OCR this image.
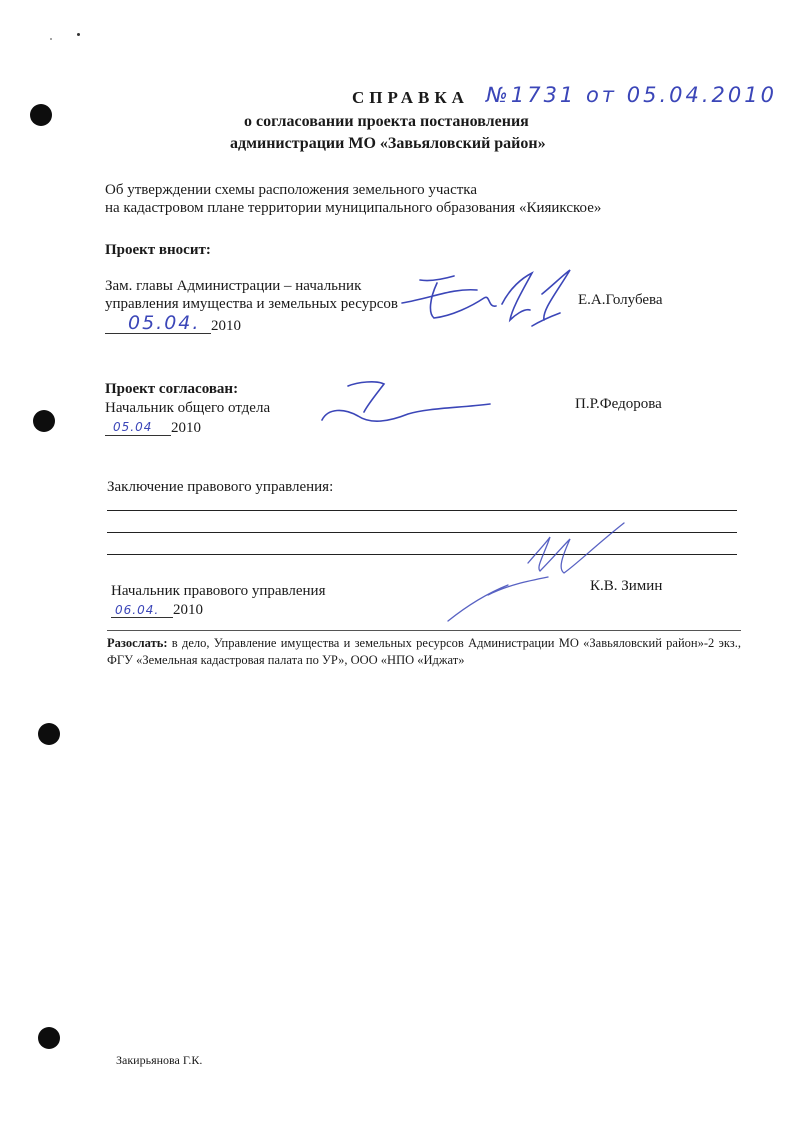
СПРАВКА №1731 от 05.04.2010
о согласовании проекта постановления
администрации МО «Завьяловский район»
Об утверждении схемы расположения земельного участка
на кадастровом плане территории муниципального образования «Кияикское»
Проект вносит:
Зам. главы Администрации – начальник
управления имущества и земельных ресурсов
05.04. 2010
Е.А.Голубева
Проект согласован:
Начальник общего отдела
05.04 2010
П.Р.Федорова
Заключение правового управления:
Начальник правового управления
06.04. 2010
К.В. Зимин
Разослать: в дело, Управление имущества и земельных ресурсов Администрации МО «Завьяловский район»-2 экз., ФГУ «Земельная кадастровая палата по УР», ООО «НПО «Иджат»
Закирьянова Г.К.
